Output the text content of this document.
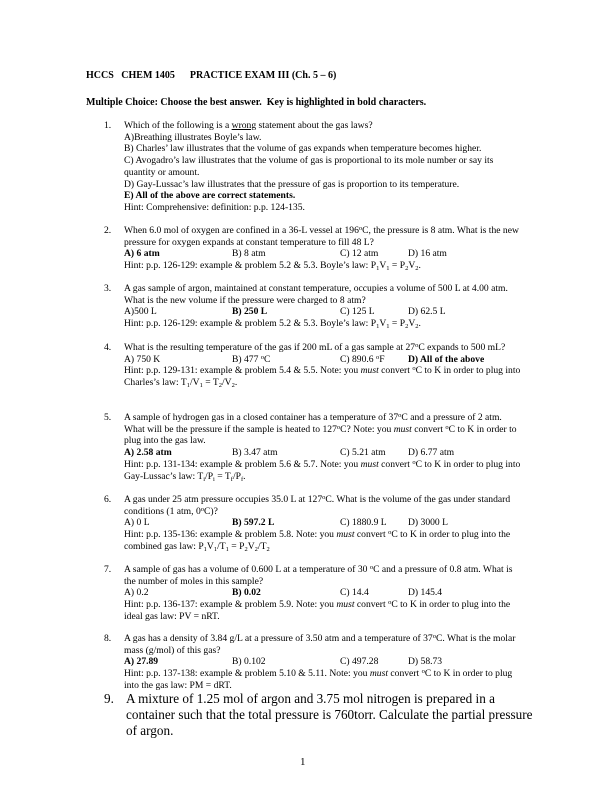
HCCS   CHEM 1405      PRACTICE EXAM III (Ch. 5 – 6)
Multiple Choice: Choose the best answer.  Key is highlighted in bold characters.
1. Which of the following is a wrong statement about the gas laws?
A)Breathing illustrates Boyle’s law.
B) Charles’ law illustrates that the volume of gas expands when temperature becomes higher.
C) Avogadro’s law illustrates that the volume of gas is proportional to its mole number or say its quantity or amount.
D) Gay-Lussac’s law illustrates that the pressure of gas is proportion to its temperature.
E) All of the above are correct statements.
Hint: Comprehensive: definition: p.p. 124-135.
2. When 6.0 mol of oxygen are confined in a 36-L vessel at 196$^o$C, the pressure is 8 atm. What is the new pressure for oxygen expands at constant temperature to fill 48 L?
A) 6 atm	B) 8 atm	C) 12 atm	D) 16 atm
Hint: p.p. 126-129: example & problem 5.2 & 5.3. Boyle’s law: $P_1V_1 = P_2V_2$.
3. A gas sample of argon, maintained at constant temperature, occupies a volume of 500 L at 4.00 atm. What is the new volume if the pressure were charged to 8 atm?
A)500 L	B) 250 L	C) 125 L	D) 62.5 L
Hint: p.p. 126-129: example & problem 5.2 & 5.3. Boyle’s law: $P_1V_1 = P_2V_2$.
4. What is the resulting temperature of the gas if 200 mL of a gas sample at 27$^o$C expands to 500 mL?
A) 750 K	B) 477 $^o$C	C) 890.6 $^o$F	D) All of the above
Hint: p.p. 129-131: example & problem 5.4 & 5.5. Note: you must convert $^o$C to K in order to plug into Charles’s law: $T_1/V_1 = T_2/V_2$.
5. A sample of hydrogen gas in a closed container has a temperature of 37$^o$C and a pressure of 2 atm. What will be the pressure if the sample is heated to 127$^o$C? Note: you must convert $^o$C to K in order to plug into the gas law.
A) 2.58 atm	B) 3.47 atm	C) 5.21 atm	D) 6.77 atm
Hint: p.p. 131-134: example & problem 5.6 & 5.7. Note: you must convert $^o$C to K in order to plug into Gay-Lussac’s law: $T_i/P_i = T_f/P_f$.
6. A gas under 25 atm pressure occupies 35.0 L at 127$^o$C. What is the volume of the gas under standard conditions (1 atm, 0$^o$C)?
A) 0 L	B) 597.2 L	C) 1880.9 L	D) 3000 L
Hint: p.p. 135-136: example & problem 5.8. Note: you must convert $^o$C to K in order to plug into the combined gas law: $P_1V_1/T_1 = P_2V_2/T_2$
7. A sample of gas has a volume of 0.600 L at a temperature of 30 $^o$C and a pressure of 0.8 atm. What is the number of moles in this sample?
A) 0.2	B) 0.02	C) 14.4	D) 145.4
Hint: p.p. 136-137: example & problem 5.9. Note: you must convert $^o$C to K in order to plug into the ideal gas law: PV = nRT.
8. A gas has a density of 3.84 g/L at a pressure of 3.50 atm and a temperature of 37$^o$C. What is the molar mass (g/mol) of this gas?
A) 27.89	B) 0.102	C) 497.28	D) 58.73
Hint: p.p. 137-138: example & problem 5.10 & 5.11. Note: you must convert $^o$C to K in order to plug into the gas law: PM = dRT.
9. A mixture of 1.25 mol of argon and 3.75 mol nitrogen is prepared in a container such that the total pressure is 760torr. Calculate the partial pressure of argon.
1
